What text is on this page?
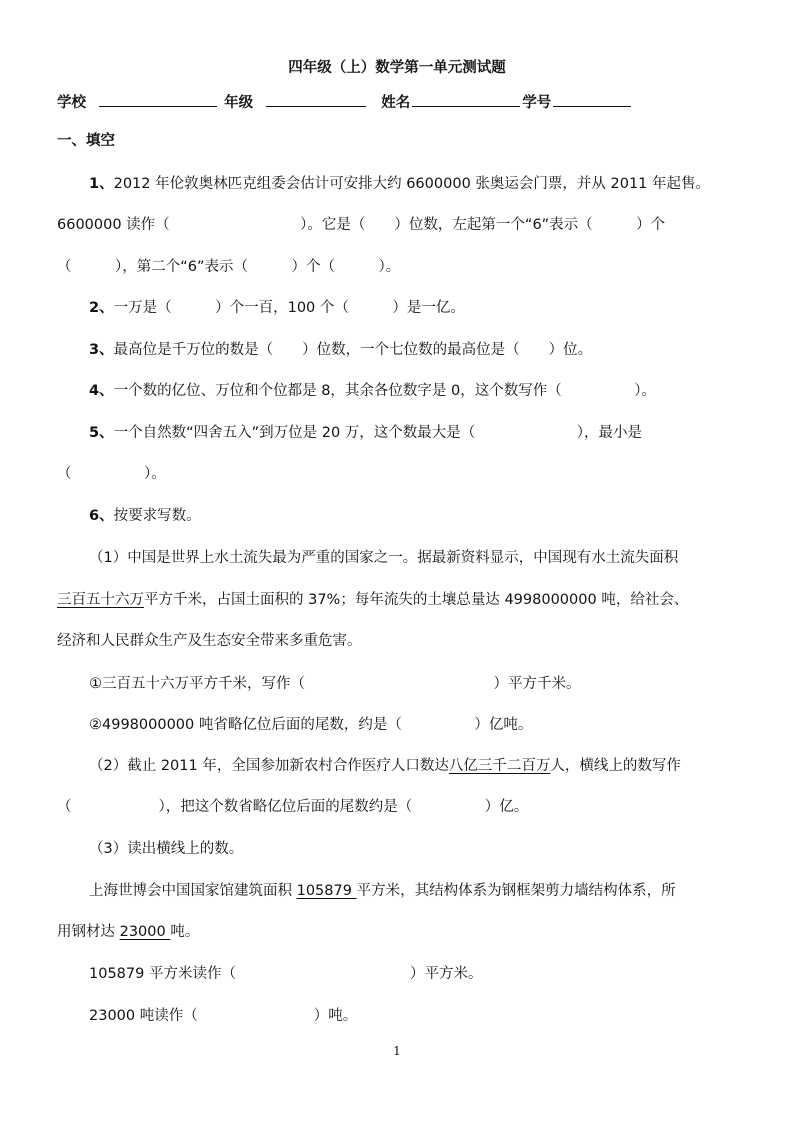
四年级（上）数学第一单元测试题
学校	年级	姓名	学号
一、填空
1、2012 年伦敦奥林匹克组委会估计可安排大约 6600000 张奥运会门票，并从 2011 年起售。
6600000 读作（　　　　　　　　　）。它是（　　）位数，左起第一个“6”表示（　　　）个
（　　　），第二个“6”表示（　　　）个（　　　）。
2、一万是（　　　）个一百，100 个（　　　）是一亿。
3、最高位是千万位的数是（　　）位数，一个七位数的最高位是（　　）位。
4、一个数的亿位、万位和个位都是 8，其余各位数字是 0，这个数写作（　　　　　）。
5、一个自然数“四舍五入”到万位是 20 万，这个数最大是（　　　　　　　），最小是
（　　　　　）。
6、按要求写数。
（1）中国是世界上水土流失最为严重的国家之一。据最新资料显示，中国现有水土流失面积
三百五十六万平方千米，占国土面积的 37%；每年流失的土壤总量达 4998000000 吨，给社会、
经济和人民群众生产及生态安全带来多重危害。
①三百五十六万平方千米，写作（　　　　　　　　　　　　　）平方千米。
②4998000000 吨省略亿位后面的尾数，约是（　　　　　）亿吨。
（2）截止 2011 年，全国参加新农村合作医疗人口数达八亿三千二百万人，横线上的数写作
（　　　　　　），把这个数省略亿位后面的尾数约是（　　　　　）亿。
（3）读出横线上的数。
上海世博会中国国家馆建筑面积 105879 平方米，其结构体系为钢框架剪力墙结构体系，所
用钢材达 23000 吨。
105879 平方米读作（　　　　　　　　　　　　）平方米。
23000 吨读作（　　　　　　　　）吨。
1
